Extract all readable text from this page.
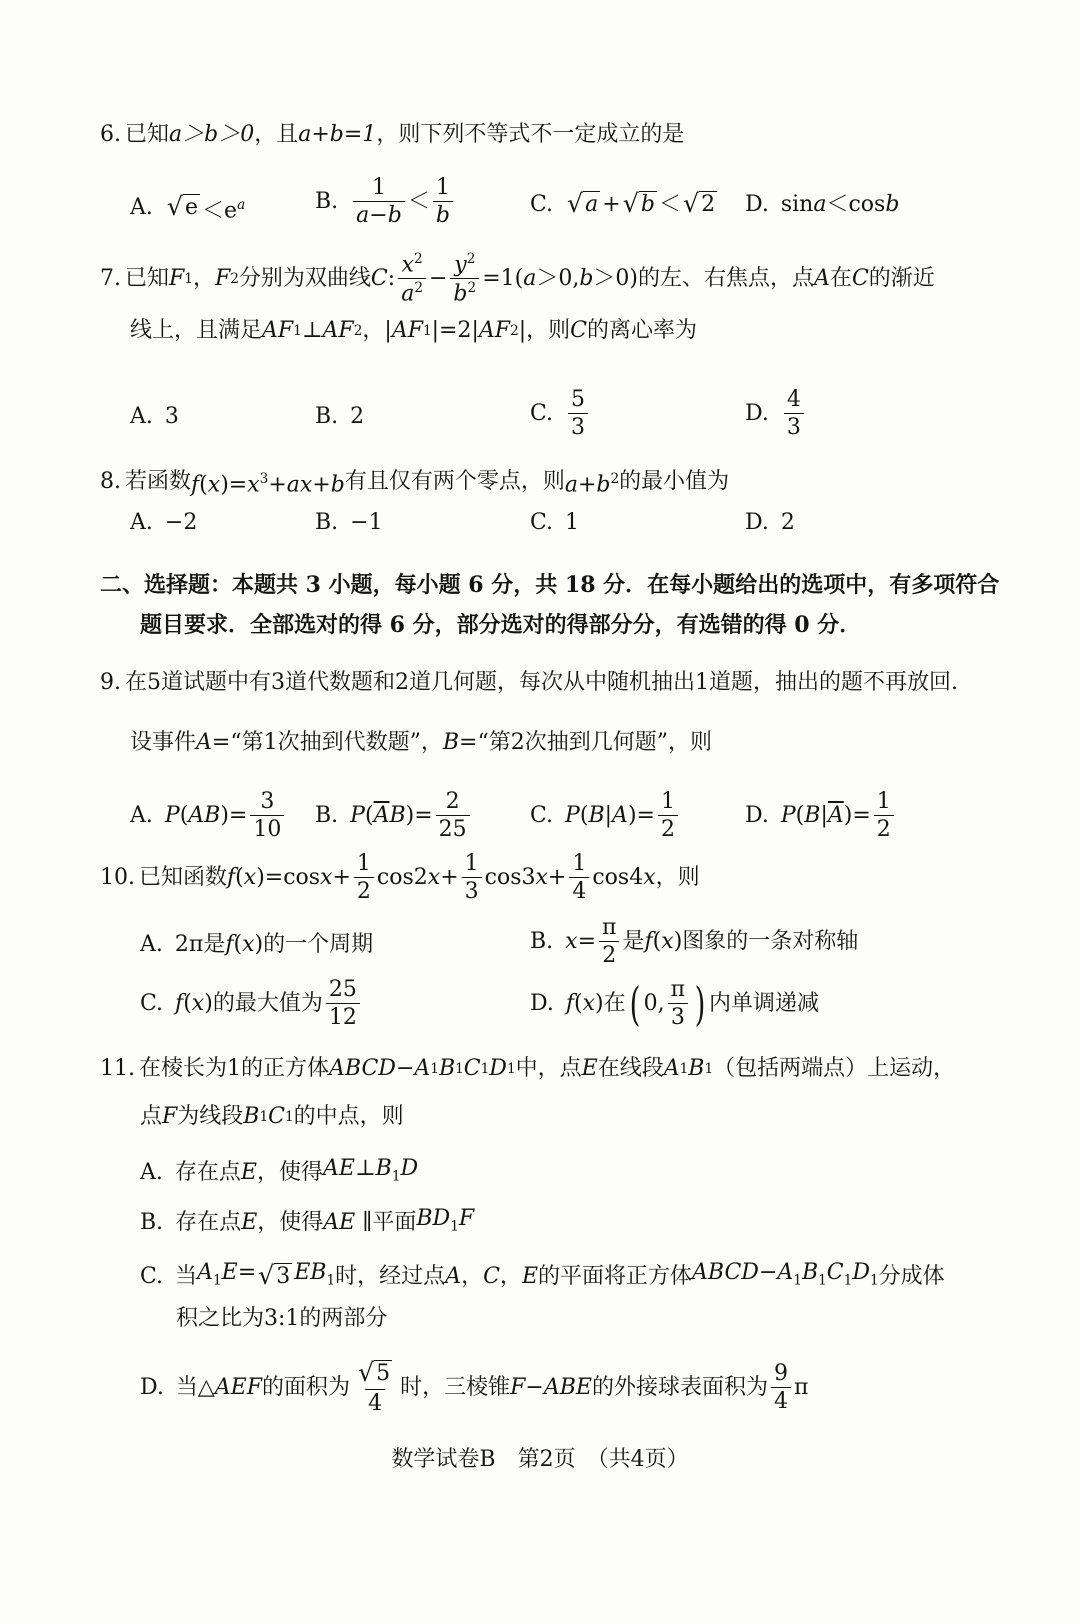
6. 已知 a＞b＞0 ，且 a+b=1 ，则下列不等式不一定成立的是
A. √ $e <e^a$	B. $\frac{1}{a-b} < \frac{1}{b}$	C. √ a + √ b ＜ √ 2 D. sina＜cosb
7. 已知 F 1 ， F 2 分别为双曲线 C : $\frac{x^2}{a^2} - \frac{y^2}{b^2} =1$( a ＞0, b ＞0) 的左、右焦点，点 A 在 C 的渐近
线上，且满足 AF 1 ⊥ AF 2 ， | AF 1 |=2| AF 2 | ，则 C 的离心率为
A. 3	B. 2	C. $\frac{5}{3}$	D. $\frac{4}{3}$
8. 若函数 $f(x)=x^3+ax+b$ 有且仅有两个零点，则 $a+b^2$ 的最小值为
A. −2	B. −1	C. 1	D. 2
二、选择题：本题共 3 小题，每小题 6 分，共 18 分．在每小题给出的选项中，有多项符合
题目要求．全部选对的得 6 分，部分选对的得部分分，有选错的得 0 分．
9. 在5道试题中有3道代数题和2道几何题，每次从中随机抽出1道题，抽出的题不再放回.
设事件 A =“第1次抽到代数题”， B =“第2次抽到几何题”，则
A. $P(AB)= \frac{3}{10} B$. $P(\overline{A}B)= \frac{2}{25}$	C. $P(B|A)= \frac{1}{2}$	D. $P(B|\overline{A})= \frac{1}{2}$
10. 已知函数 $f(x)=\cos x+ \frac{1}{2} \cos 2x+ \frac{1}{3} \cos 3x+ \frac{1}{4} \cos 4x$ ，则
A. 2π是 f(x) 的一个周期	B. $x= \frac{\pi}{2}$ 是 f(x) 图象的一条对称轴
C. f(x) 的最大值为 $\frac{25}{12}$	D. f(x) 在 ( 0, $\frac{\pi}{3}$ ) 内单调递减
11. 在棱长为1的正方体 ABCD − A 1 B 1 C 1 D 1 中，点 E 在线段 A 1 B 1 （包括两端点）上运动，
点 F 为线段 B 1 C 1 的中点，则
A. 存在点 E ，使得 $AE\perp B_1D$
B. 存在点 E ，使得 AE ∥ 平面 $BD_1F$
C. 当 $A_1E=$ √ 3 $EB_1$ 时，经过点 A ， C ， E 的平面将正方体 $ABCD-A_1B_1C_1D_1$ 分成体
积之比为3:1的两部分
D. 当△ AEF 的面积为 $\frac{√ 5}{4}$ 时，三棱锥 F−ABE 的外接球表面积为 $\frac{9}{4}$ π
数学试卷B　第2页　（共4页）
